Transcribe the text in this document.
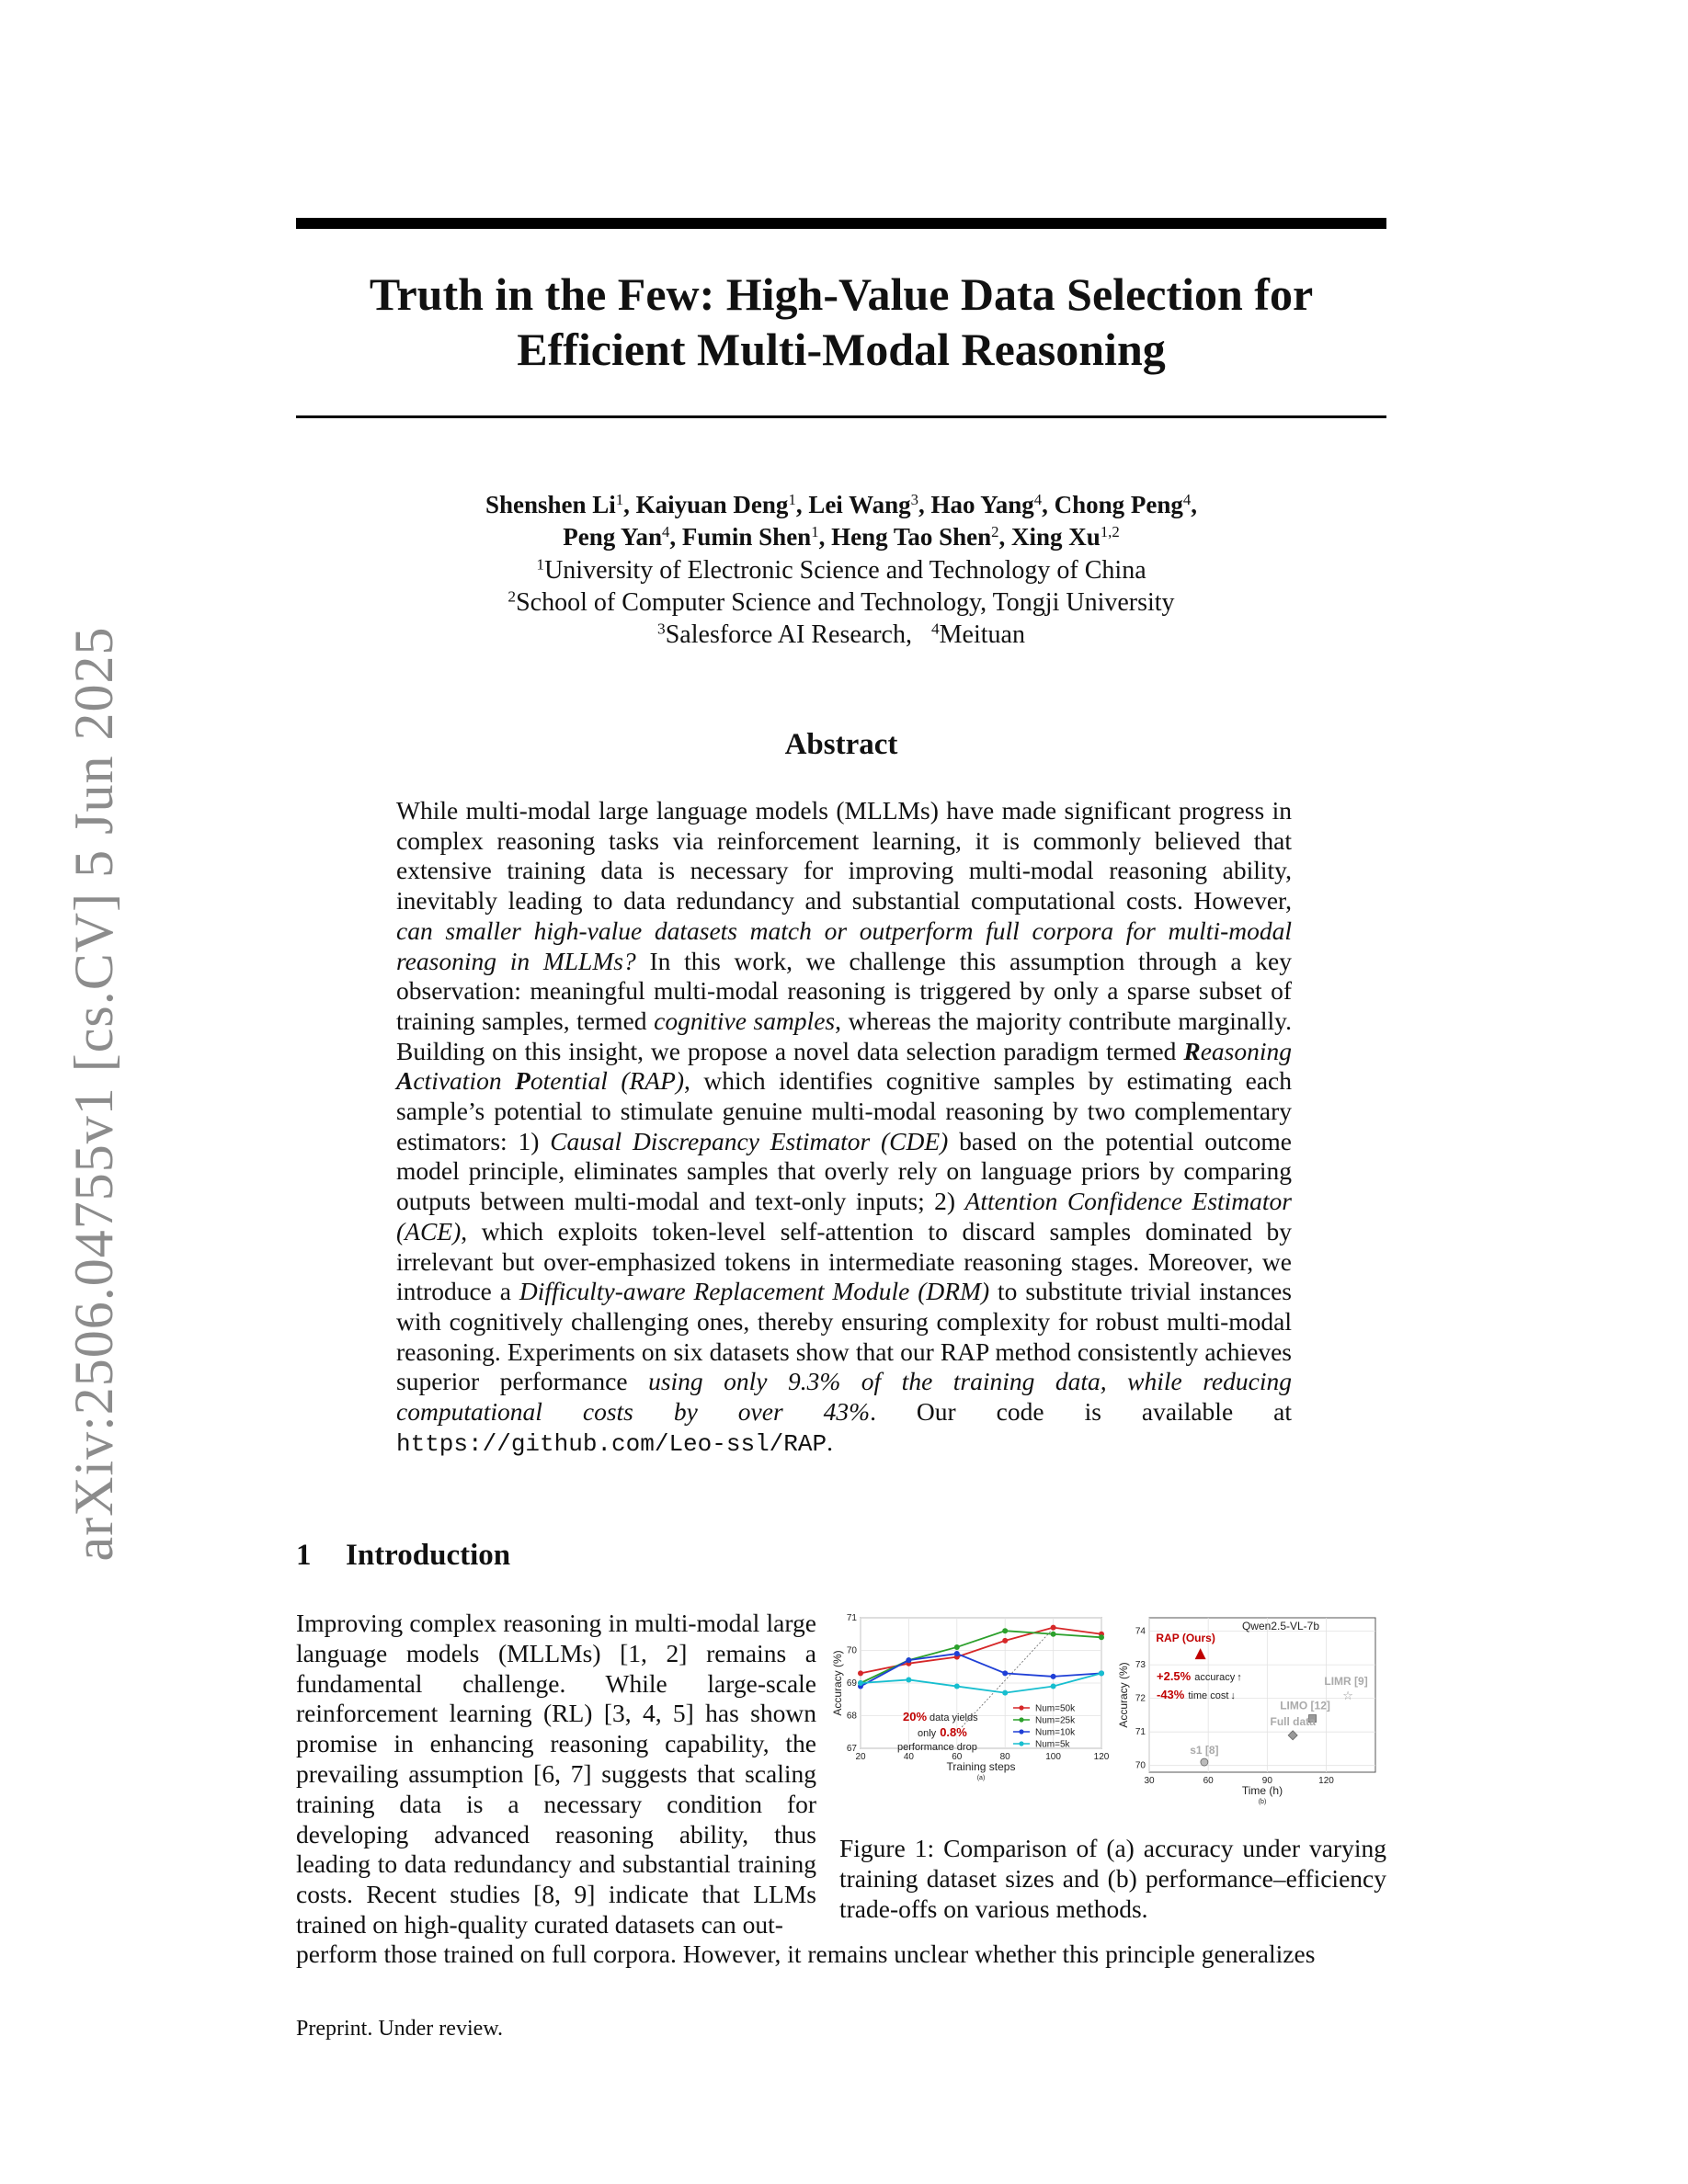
arXiv:2506.04755v1 [cs.CV] 5 Jun 2025
Truth in the Few: High-Value Data Selection for
Efficient Multi-Modal Reasoning
Shenshen Li$^1$, Kaiyuan Deng$^1$, Lei Wang$^3$, Hao Yang$^4$, Chong Peng$^4$,
Peng Yan$^4$, Fumin Shen$^1$, Heng Tao Shen$^2$, Xing Xu$^{1,2}$
$^1$University of Electronic Science and Technology of China
$^2$School of Computer Science and Technology, Tongji University
$^3$Salesforce AI Research, $^4$Meituan
Abstract
While multi-modal large language models (MLLMs) have made significant progress in complex reasoning tasks via reinforcement learning, it is commonly believed that extensive training data is necessary for improving multi-modal reasoning ability, inevitably leading to data redundancy and substantial computational costs. However, can smaller high-value datasets match or outperform full corpora for multi-modal reasoning in MLLMs? In this work, we challenge this assumption through a key observation: meaningful multi-modal reasoning is triggered by only a sparse subset of training samples, termed cognitive samples, whereas the majority contribute marginally. Building on this insight, we propose a novel data selection paradigm termed Reasoning Activation Potential (RAP), which identifies cognitive samples by estimating each sample’s potential to stimulate genuine multi-modal reasoning by two complementary estimators: 1) Causal Discrepancy Estimator (CDE) based on the potential outcome model principle, eliminates samples that overly rely on language priors by comparing outputs between multi-modal and text-only inputs; 2) Attention Confidence Estimator (ACE), which exploits token-level self-attention to discard samples dominated by irrelevant but over-emphasized tokens in intermediate reasoning stages. Moreover, we introduce a Difficulty-aware Replacement Module (DRM) to substitute trivial instances with cognitively challenging ones, thereby ensuring complexity for robust multi-modal reasoning. Experiments on six datasets show that our RAP method consistently achieves superior performance using only 9.3% of the training data, while reducing computational costs by over 43%. Our code is available at https://github.com/Leo-ssl/RAP.
1 Introduction
Improving complex reasoning in multi-modal large language models (MLLMs) [1, 2] remains a fundamental challenge. While large-scale reinforcement learning (RL) [3, 4, 5] has shown promise in enhancing reasoning capability, the prevailing assumption [6, 7] suggests that scaling training data is a necessary condition for developing advanced reasoning ability, thus leading to data redundancy and substantial training costs. Recent studies [8, 9] indicate that LLMs trained on high-quality curated datasets can out-
perform those trained on full corpora. However, it remains unclear whether this principle generalizes
20	40	60	80	100	120
67
68
69
70
71
Training steps
(a)
Accuracy (%)	Num=50k
Num=25k
Num=10k
Num=5k
20% data yields
only 0.8%
performance drop
30	60	90	120
70
71
72
73
74
Time (h)
(b)
Accuracy (%)
Qwen2.5-VL-7b
RAP (Ours)
☆
LIMR [9]
LIMO [12]
Full data
s1 [8]
+2.5% accuracy ↑
-43% time cost ↓
Figure 1: Comparison of (a) accuracy under varying training dataset sizes and (b) performance–efficiency trade-offs on various methods.
Preprint. Under review.
